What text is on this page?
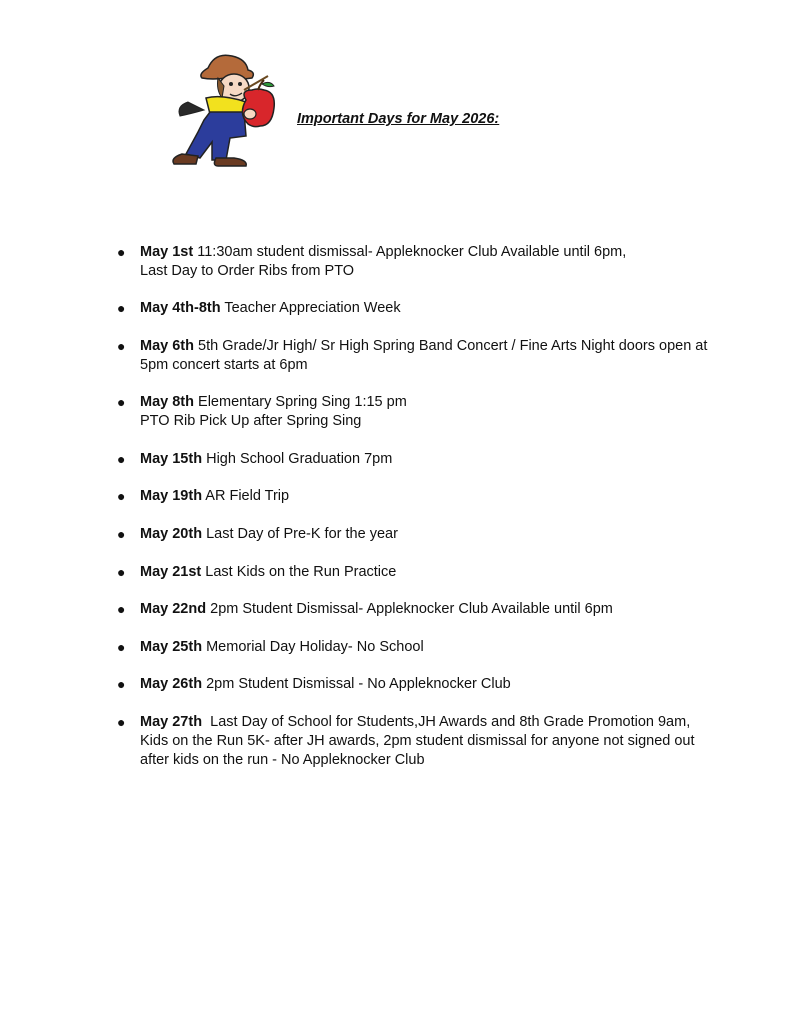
Important Days for May 2026:
● May 1st 11:30am student dismissal- Appleknocker Club Available until 6pm,
Last Day to Order Ribs from PTO
● May 4th-8th Teacher Appreciation Week
● May 6th 5th Grade/Jr High/ Sr High Spring Band Concert / Fine Arts Night doors open at
5pm concert starts at 6pm
● May 8th Elementary Spring Sing 1:15 pm
PTO Rib Pick Up after Spring Sing
● May 15th High School Graduation 7pm
● May 19th AR Field Trip
● May 20th Last Day of Pre-K for the year
● May 21st Last Kids on the Run Practice
● May 22nd 2pm Student Dismissal- Appleknocker Club Available until 6pm
● May 25th Memorial Day Holiday- No School
● May 26th 2pm Student Dismissal - No Appleknocker Club
● May 27th Last Day of School for Students,JH Awards and 8th Grade Promotion 9am,
Kids on the Run 5K- after JH awards, 2pm student dismissal for anyone not signed out
after kids on the run - No Appleknocker Club
